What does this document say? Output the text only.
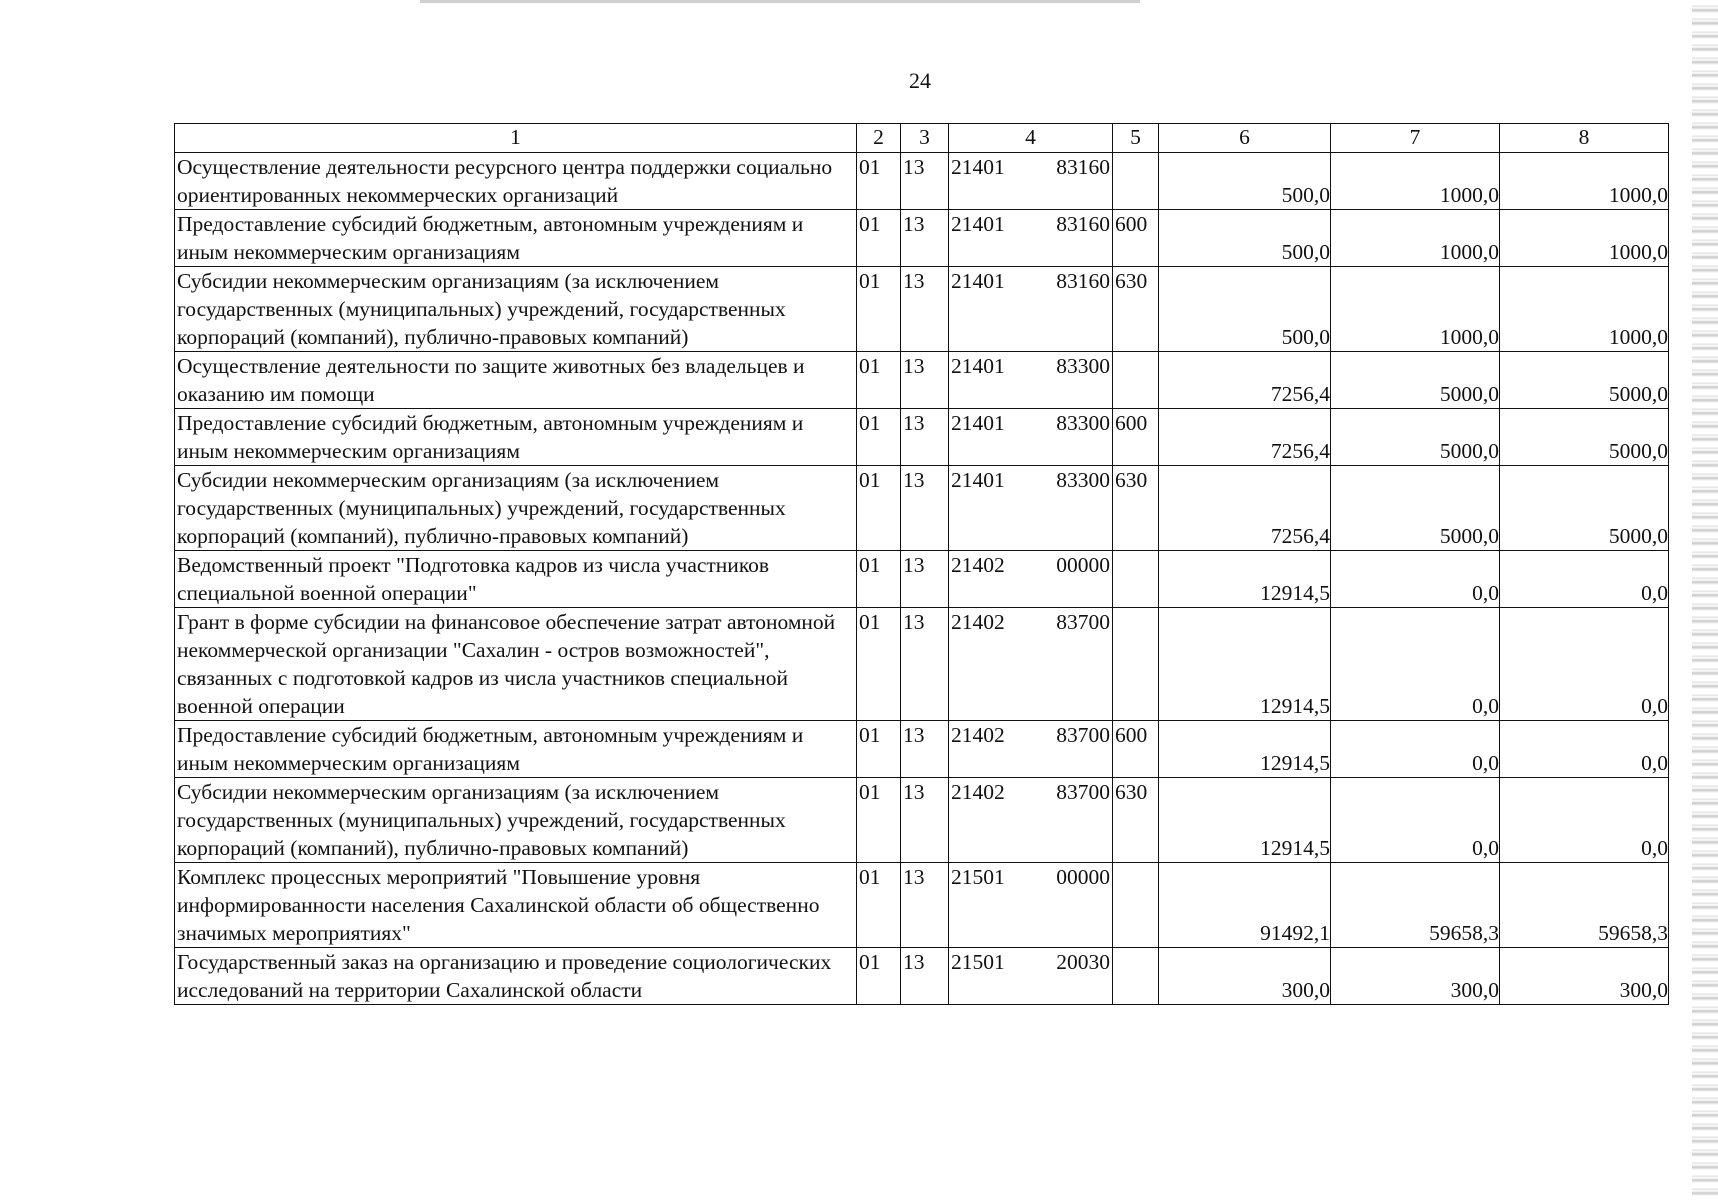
24
1	2	3	4	5	6	7	8
Осуществление деятельности ресурсного центра поддержки социально ориентированных некоммерческих организаций	01	13	21401 83160		500,0	1000,0	1000,0
Предоставление субсидий бюджетным, автономным учреждениям и иным некоммерческим организациям	01	13	21401 83160	600	500,0	1000,0	1000,0
Субсидии некоммерческим организациям (за исключением государственных (муниципальных) учреждений, государственных корпораций (компаний), публично-правовых компаний)	01	13	21401 83160	630	500,0	1000,0	1000,0
Осуществление деятельности по защите животных без владельцев и оказанию им помощи	01	13	21401 83300		7256,4	5000,0	5000,0
Предоставление субсидий бюджетным, автономным учреждениям и иным некоммерческим организациям	01	13	21401 83300	600	7256,4	5000,0	5000,0
Субсидии некоммерческим организациям (за исключением государственных (муниципальных) учреждений, государственных корпораций (компаний), публично-правовых компаний)	01	13	21401 83300	630	7256,4	5000,0	5000,0
Ведомственный проект "Подготовка кадров из числа участников специальной военной операции"	01	13	21402 00000		12914,5	0,0	0,0
Грант в форме субсидии на финансовое обеспечение затрат автономной некоммерческой организации "Сахалин - остров возможностей", связанных с подготовкой кадров из числа участников специальной военной операции	01	13	21402 83700		12914,5	0,0	0,0
Предоставление субсидий бюджетным, автономным учреждениям и иным некоммерческим организациям	01	13	21402 83700	600	12914,5	0,0	0,0
Субсидии некоммерческим организациям (за исключением государственных (муниципальных) учреждений, государственных корпораций (компаний), публично-правовых компаний)	01	13	21402 83700	630	12914,5	0,0	0,0
Комплекс процессных мероприятий "Повышение уровня информированности населения Сахалинской области об общественно значимых мероприятиях"	01	13	21501 00000		91492,1	59658,3	59658,3
Государственный заказ на организацию и проведение социологических исследований на территории Сахалинской области	01	13	21501 20030		300,0	300,0	300,0
